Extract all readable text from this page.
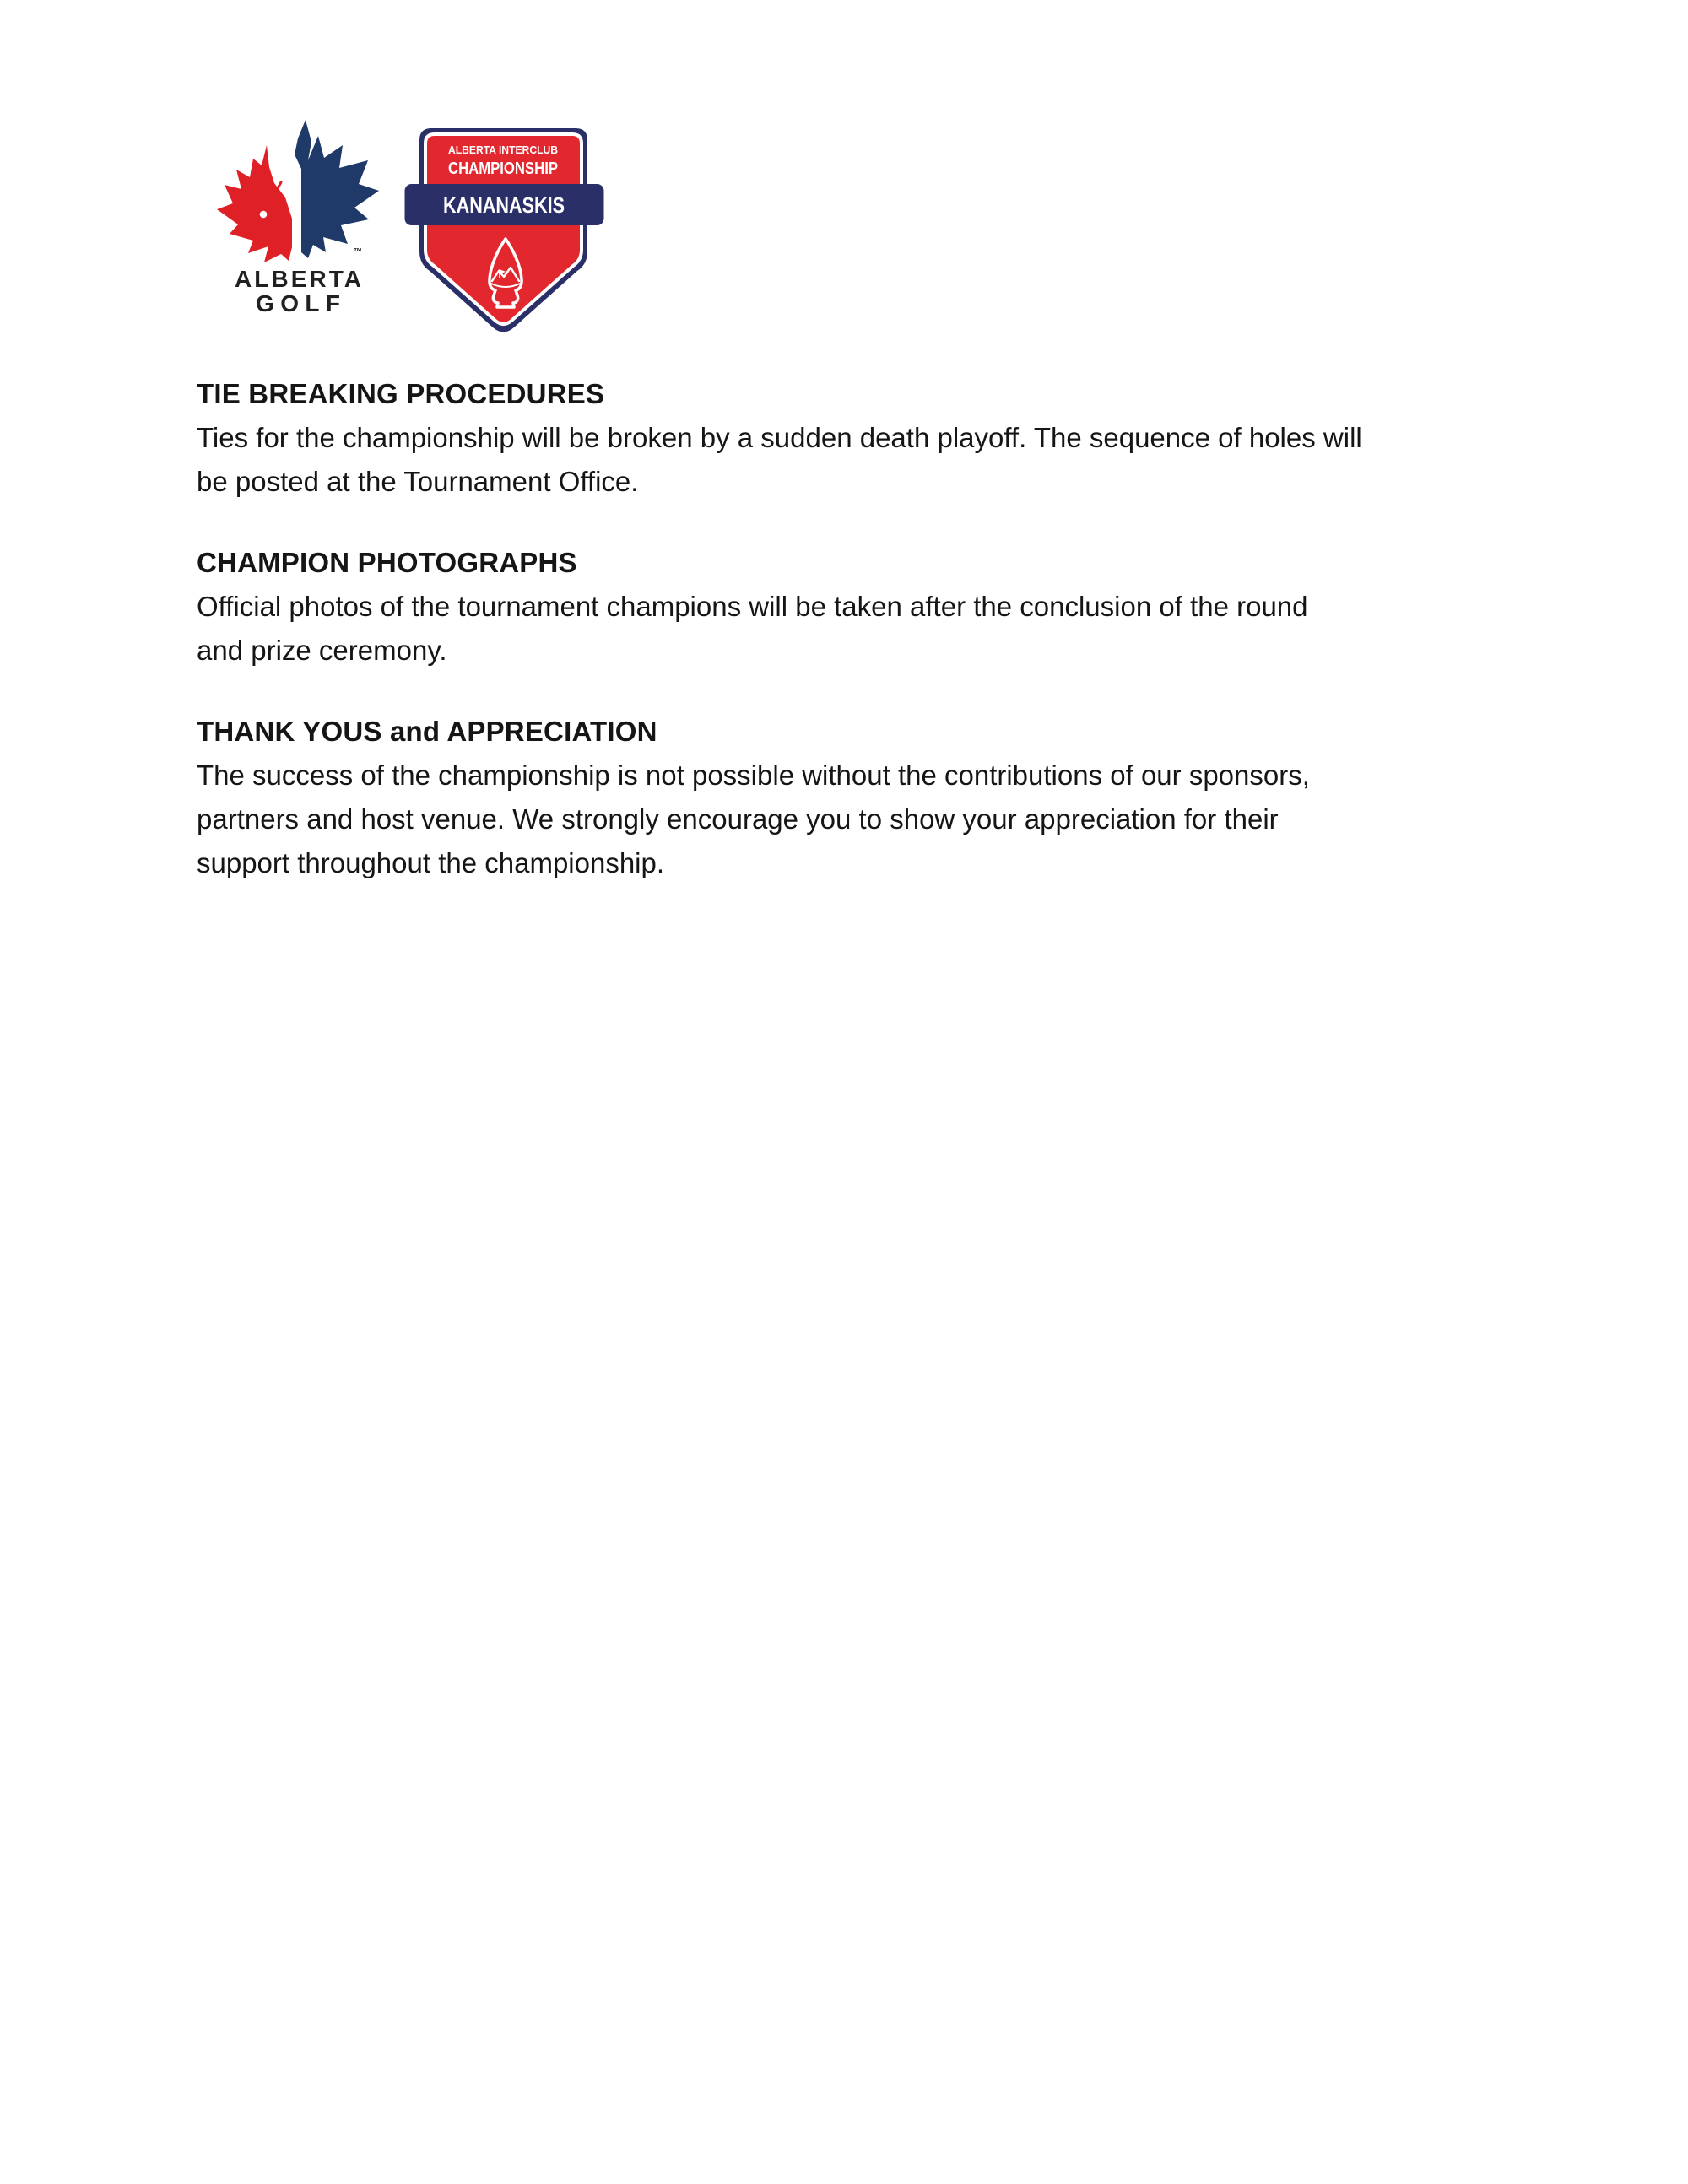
™
ALBERTA
GOLF
ALBERTA INTERCLUB
CHAMPIONSHIP
KANANASKIS
TIE BREAKING PROCEDURES
Ties for the championship will be broken by a sudden death playoff. The sequence of holes will
be posted at the Tournament Office.
CHAMPION PHOTOGRAPHS
Official photos of the tournament champions will be taken after the conclusion of the round
and prize ceremony.
THANK YOUS and APPRECIATION
The success of the championship is not possible without the contributions of our sponsors,
partners and host venue. We strongly encourage you to show your appreciation for their
support throughout the championship.
